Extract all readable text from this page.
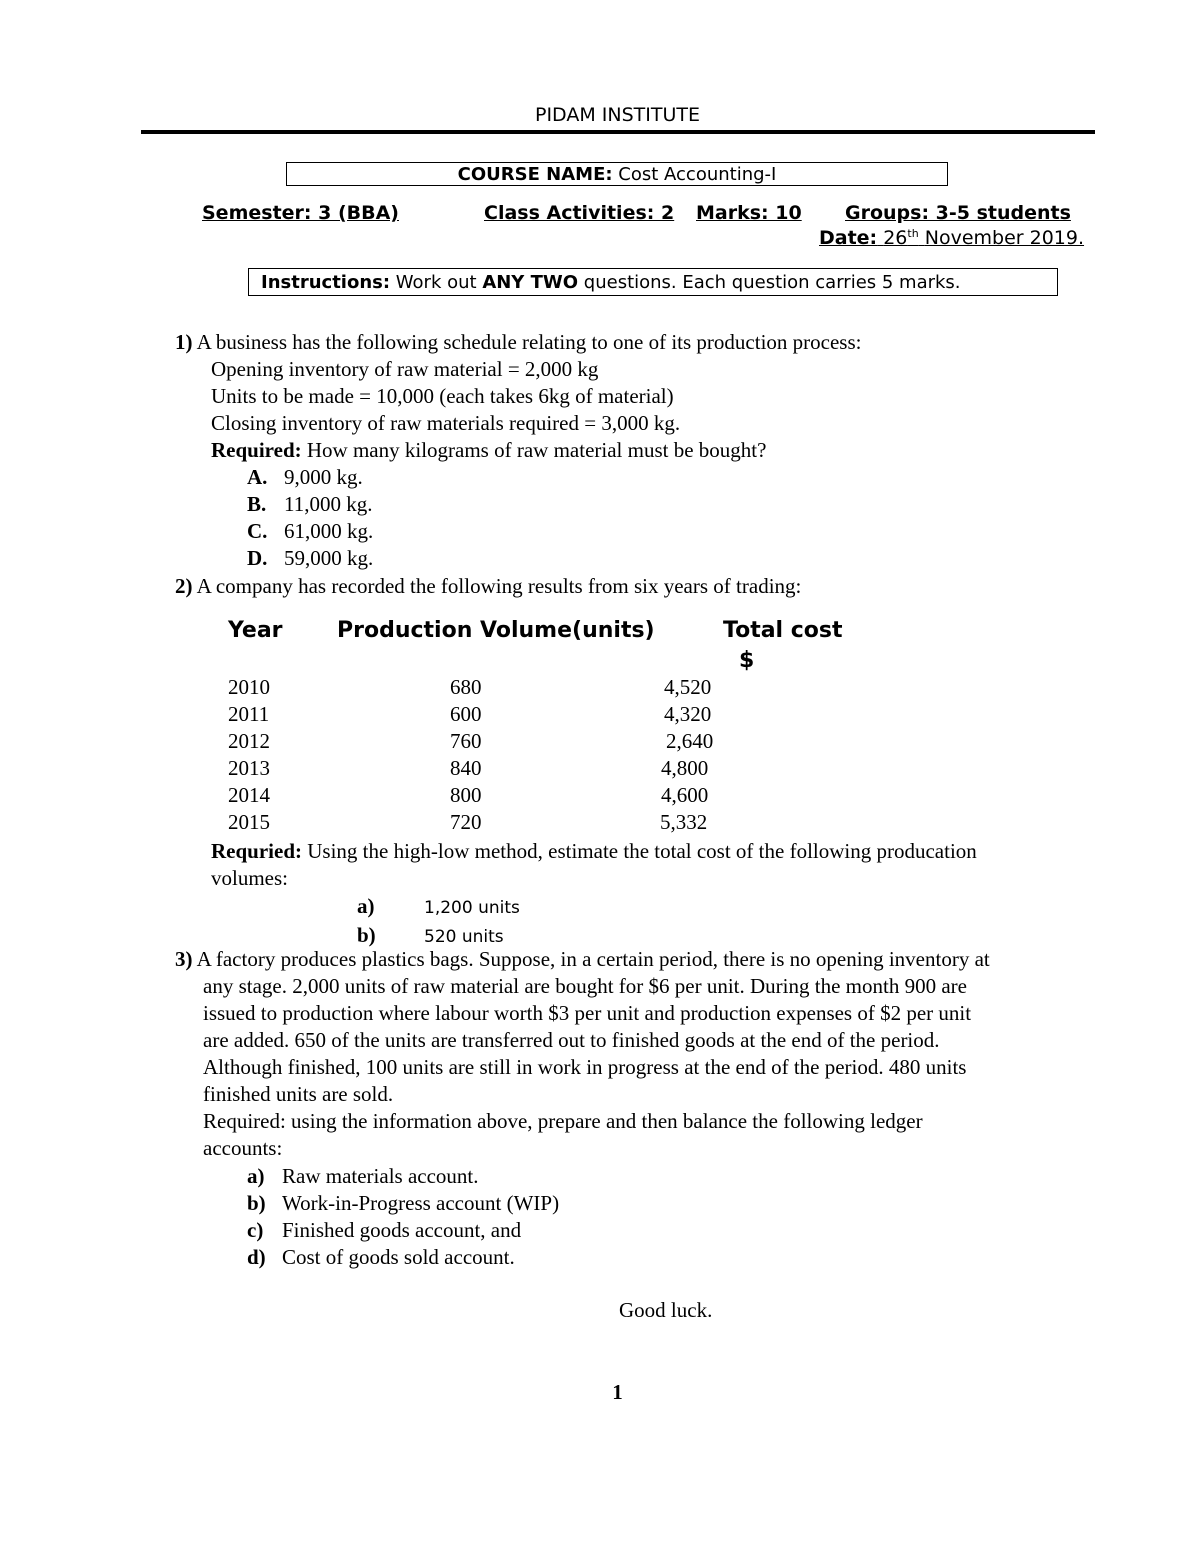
PIDAM INSTITUTE
COURSE NAME: Cost Accounting-I
Semester: 3 (BBA)	Class Activities: 2 Marks: 10 Groups: 3-5 students
Date: 26th November 2019.
Instructions: Work out ANY TWO questions. Each question carries 5 marks.
1) A business has the following schedule relating to one of its production process:
Opening inventory of raw material = 2,000 kg
Units to be made = 10,000 (each takes 6kg of material)
Closing inventory of raw materials required = 3,000 kg.
Required: How many kilograms of raw material must be bought?
A. 9,000 kg.
B. 11,000 kg.
C. 61,000 kg.
D. 59,000 kg.
2) A company has recorded the following results from six years of trading:
Year Production Volume(units)	Total cost
$
2010	680	4,520
2011	600	4,320
2012	760	2,640
2013	840	4,800
2014	800	4,600
2015	720	5,332
Requried: Using the high-low method, estimate the total cost of the following producation
volumes:
a)	1,200 units
b)	520 units
3) A factory produces plastics bags. Suppose, in a certain period, there is no opening inventory at
any stage. 2,000 units of raw material are bought for $6 per unit. During the month 900 are
issued to production where labour worth $3 per unit and production expenses of $2 per unit
are added. 650 of the units are transferred out to finished goods at the end of the period.
Although finished, 100 units are still in work in progress at the end of the period. 480 units
finished units are sold.
Required: using the information above, prepare and then balance the following ledger
accounts:
a) Raw materials account.
b) Work-in-Progress account (WIP)
c) Finished goods account, and
d) Cost of goods sold account.
Good luck.
1
